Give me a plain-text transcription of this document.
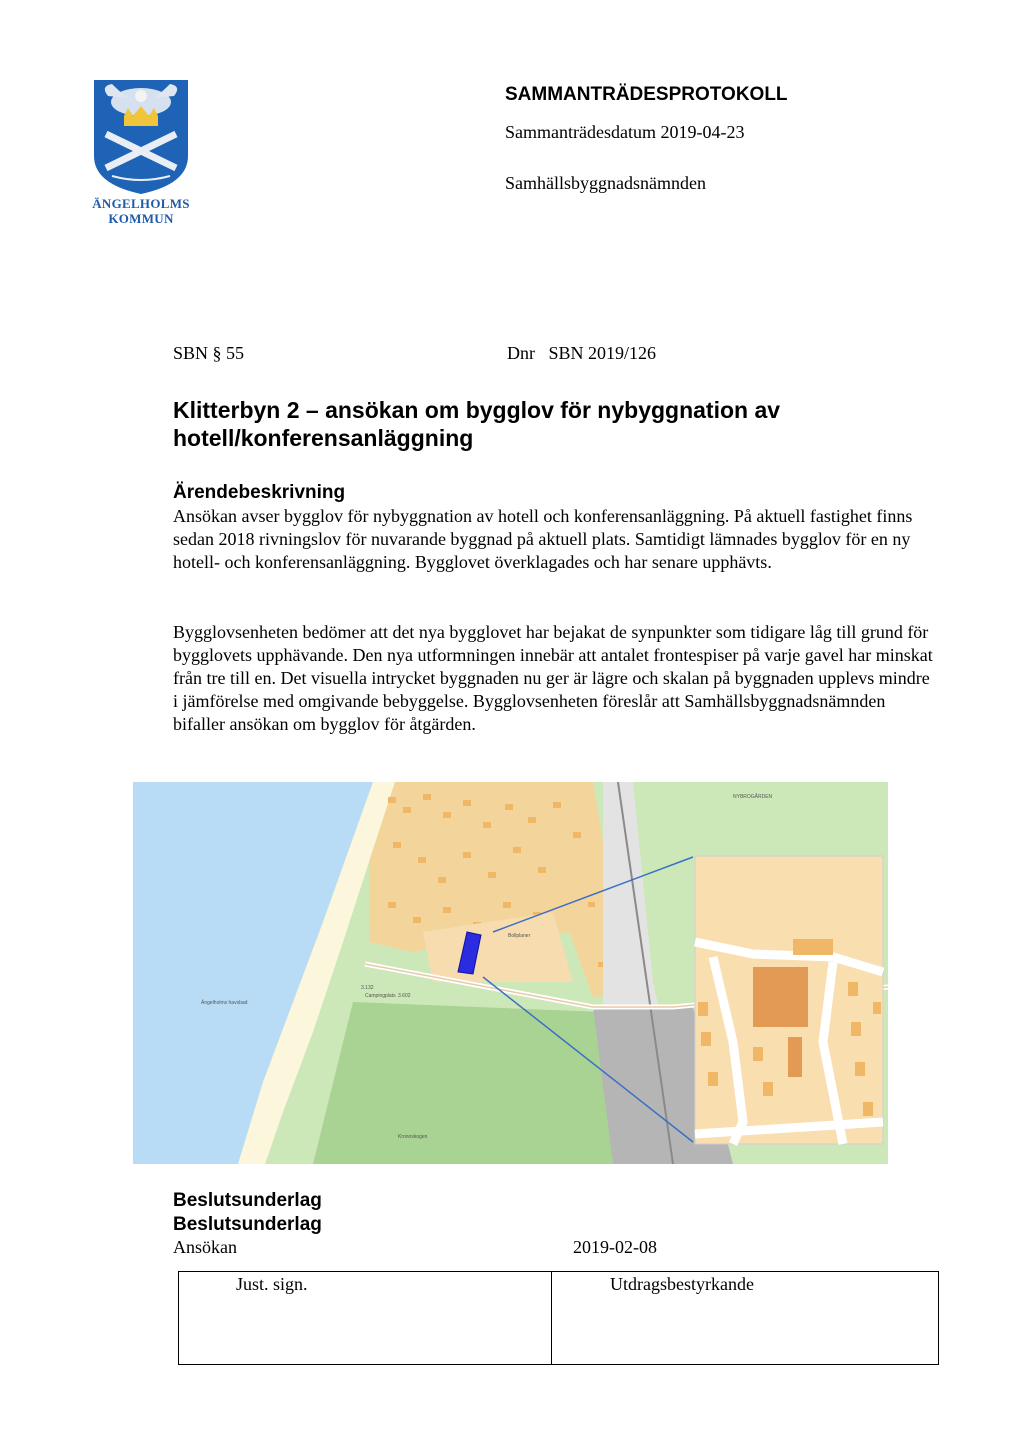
ÄNGELHOLMS
KOMMUN
SAMMANTRÄDESPROTOKOLL
Sammanträdesdatum 2019-04-23
Samhällsbyggnadsnämnden
SBN § 55	Dnr   SBN 2019/126
Klitterbyn 2 – ansökan om bygglov för nybyggnation av hotell/konferensanläggning
Ärendebeskrivning
Ansökan avser bygglov för nybyggnation av hotell och konferensanläggning. På aktuell fastighet finns sedan 2018 rivningslov för nuvarande byggnad på aktuell plats. Samtidigt lämnades bygglov för en ny hotell- och konferensanläggning. Bygglovet överklagades och har senare upphävts.
Bygglovsenheten bedömer att det nya bygglovet har bejakat de synpunkter som tidigare låg till grund för bygglovets upphävande. Den nya utformningen innebär att antalet frontespiser på varje gavel har minskat från tre till en. Det visuella intrycket byggnaden nu ger är lägre och skalan på byggnaden upplevs mindre i jämförelse med omgivande bebyggelse. Bygglovsenheten föreslår att Samhällsbyggnadsnämnden bifaller ansökan om bygglov för åtgärden.
Ängelholms havsbad
Bollplaner
Kronoskogen
Campingplats
NYBROGÅRDEN
3.132
3.602
Beslutsunderlag
Beslutsunderlag
Ansökan	2019-02-08
Just. sign.	Utdragsbestyrkande
